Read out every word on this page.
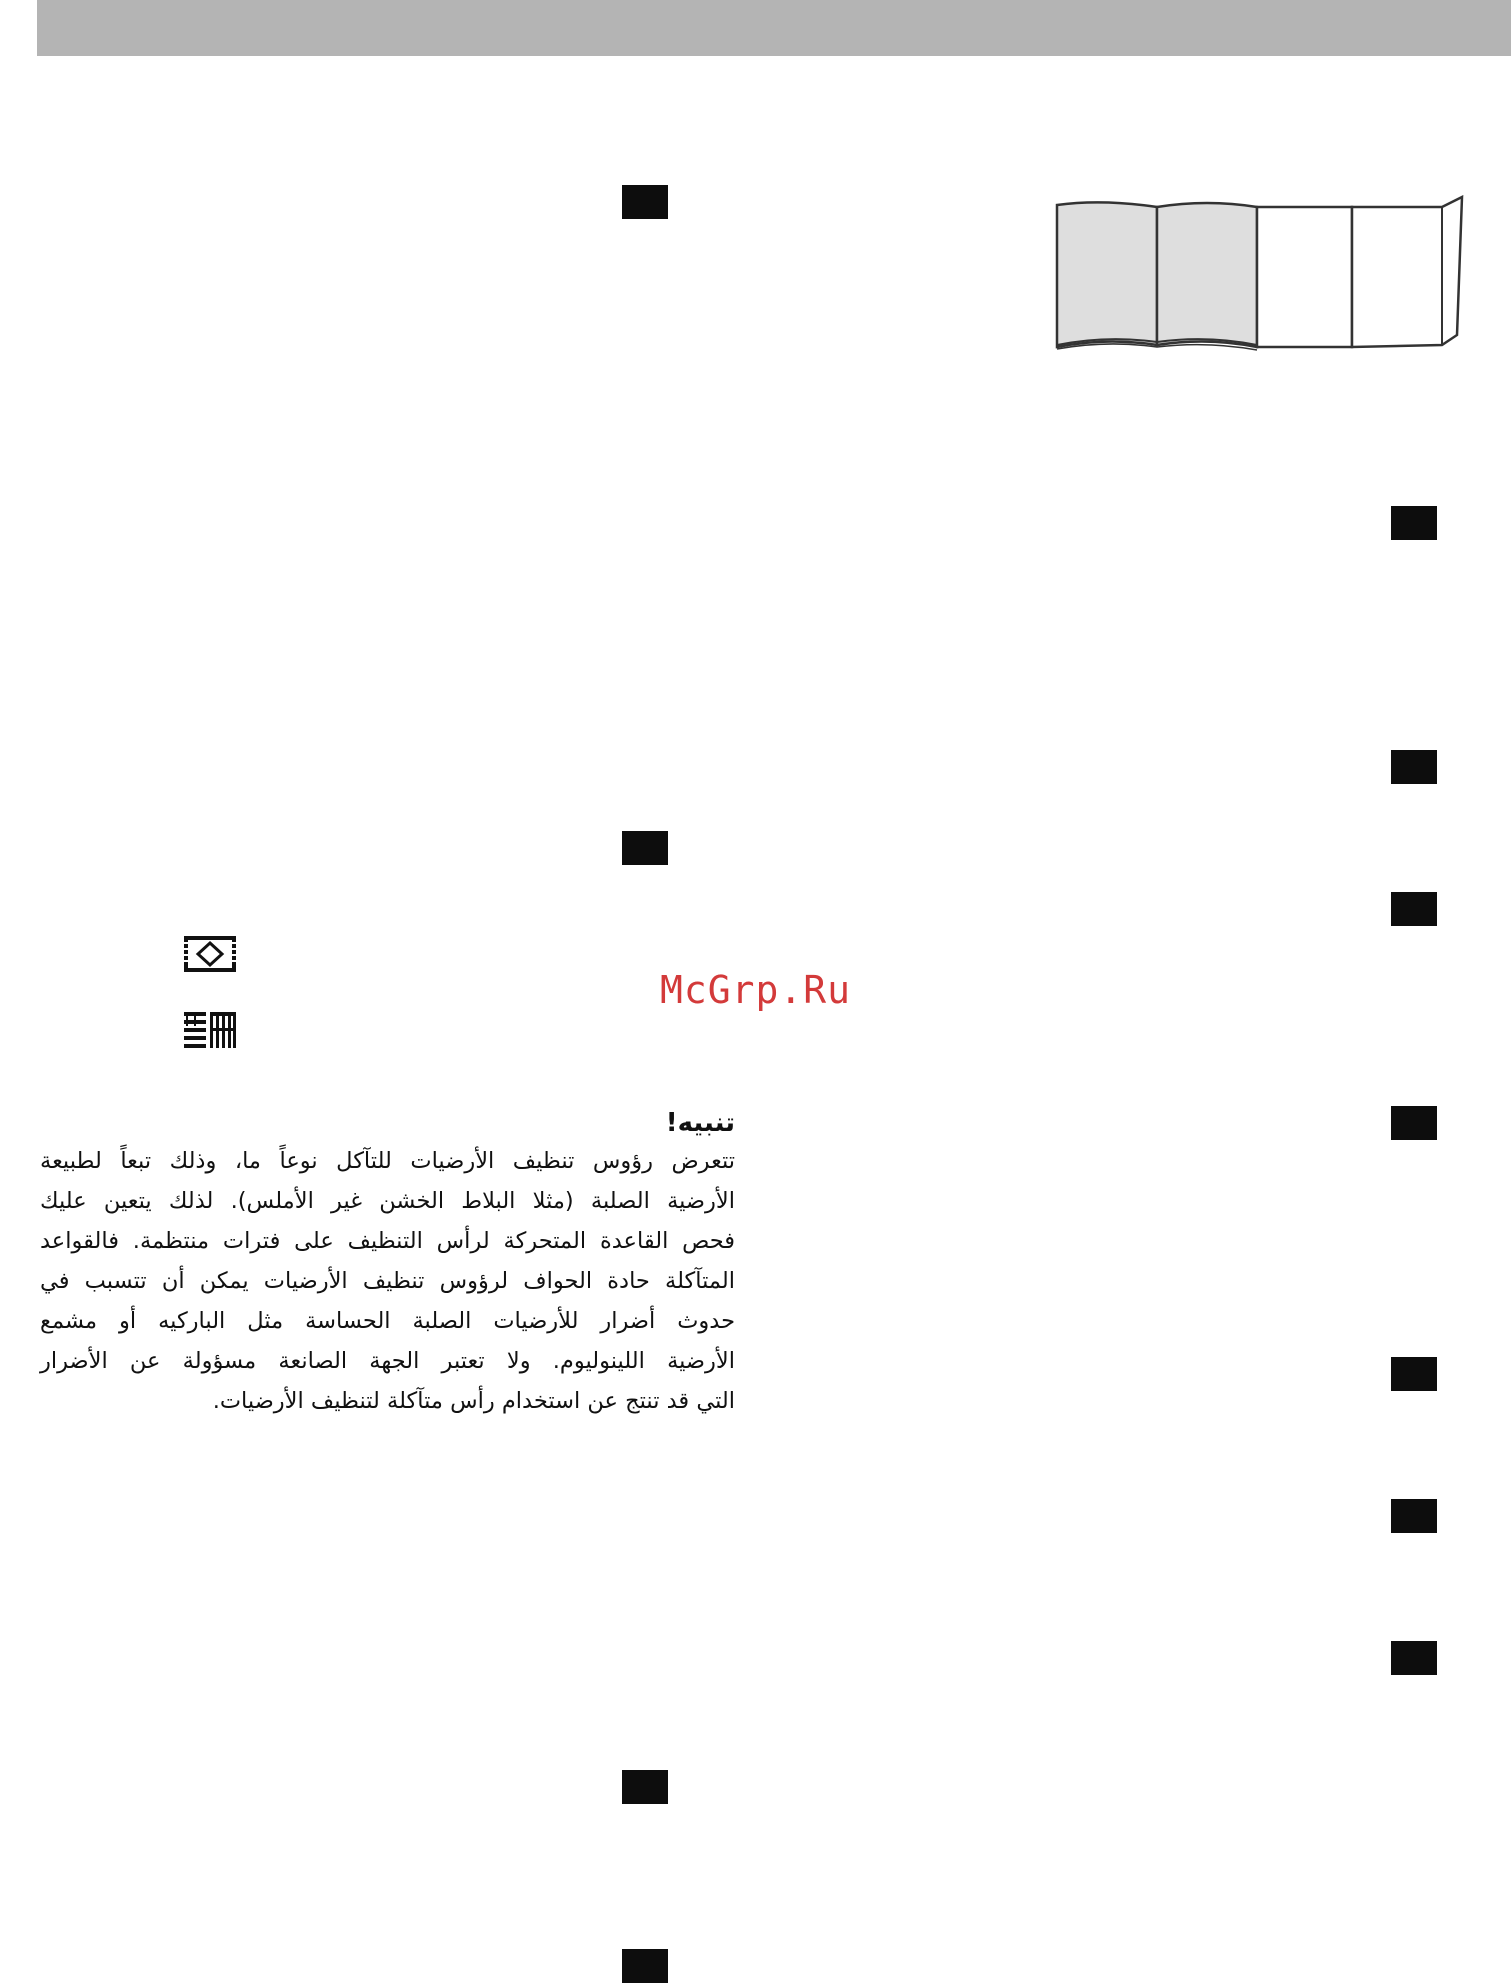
McGrp.Ru
تنبيه!
تتعرض رؤوس تنظيف الأرضيات للتآكل نوعاً ما، وذلك تبعاً لطبيعة
الأرضية الصلبة (مثلا البلاط الخشن غير الأملس). لذلك يتعين عليك
فحص القاعدة المتحركة لرأس التنظيف على فترات منتظمة. فالقواعد
المتآكلة حادة الحواف لرؤوس تنظيف الأرضيات يمكن أن تتسبب في
حدوث أضرار للأرضيات الصلبة الحساسة مثل الباركيه أو مشمع
الأرضية اللينوليوم. ولا تعتبر الجهة الصانعة مسؤولة عن الأضرار
التي قد تنتج عن استخدام رأس متآكلة لتنظيف الأرضيات.
